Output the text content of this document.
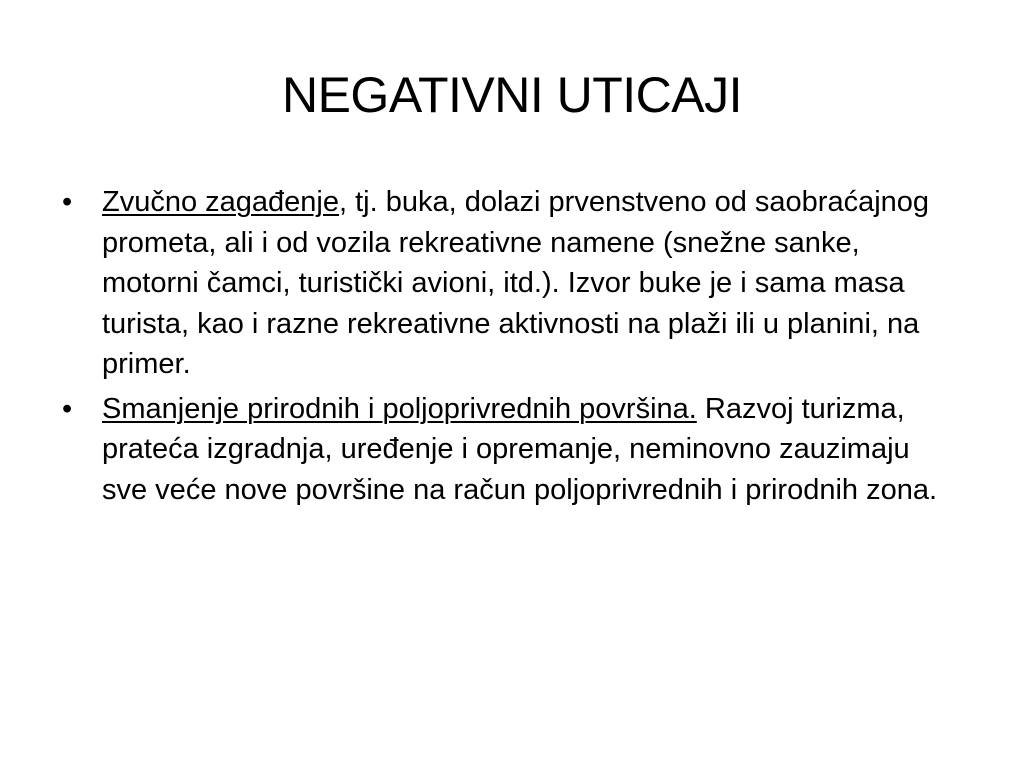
NEGATIVNI UTICAJI
•	Zvučno zagađenje, tj. buka, dolazi prvenstveno od saobraćajnog prometa, ali i od vozila rekreativne namene (snežne sanke, motorni čamci, turistički avioni, itd.). Izvor buke je i sama masa turista, kao i razne rekreativne aktivnosti na plaži ili u planini, na primer.
•	Smanjenje prirodnih i poljoprivrednih površina. Razvoj turizma, prateća izgradnja, uređenje i opremanje, neminovno zauzimaju sve veće nove površine na račun poljoprivrednih i prirodnih zona.
